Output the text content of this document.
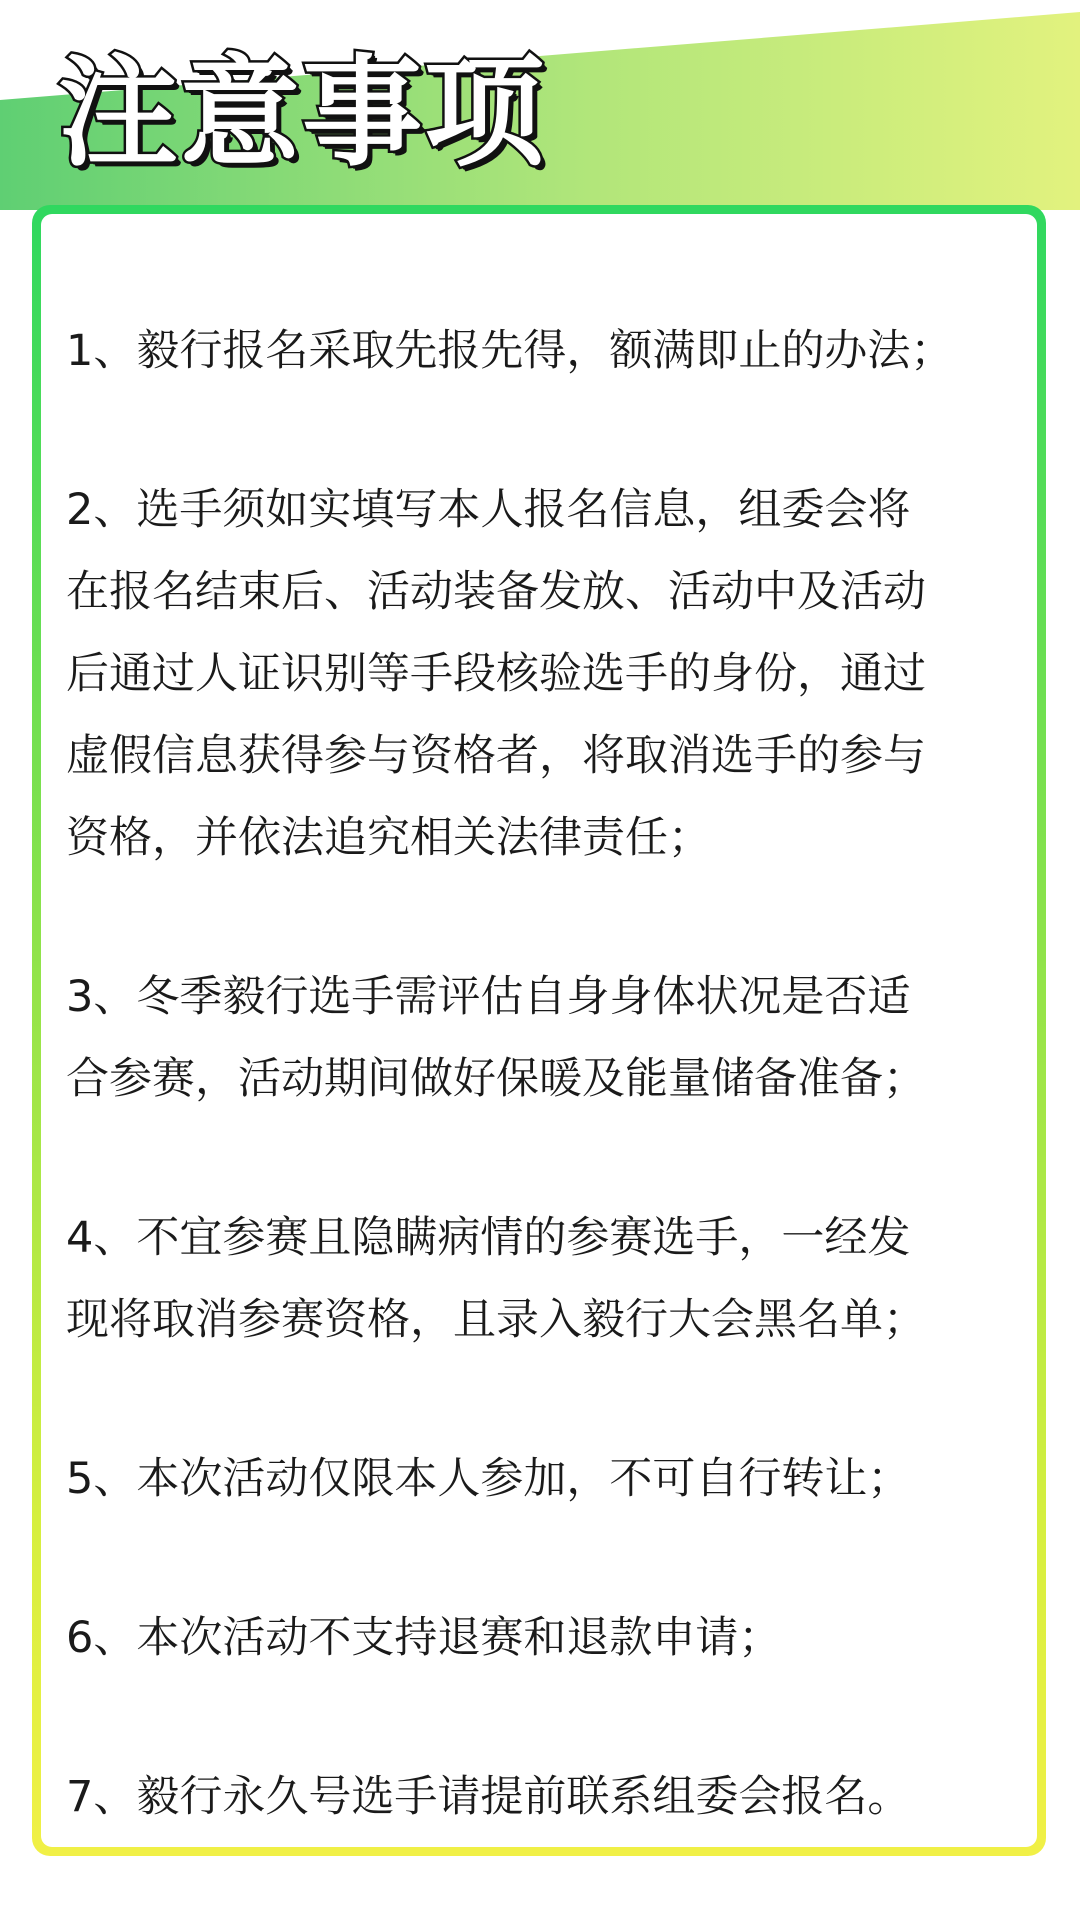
注意事项

1、毅行报名采取先报先得，额满即止的办法；

2、选手须如实填写本人报名信息，组委会将
在报名结束后、活动装备发放、活动中及活动
后通过人证识别等手段核验选手的身份，通过
虚假信息获得参与资格者，将取消选手的参与
资格，并依法追究相关法律责任；

3、冬季毅行选手需评估自身身体状况是否适
合参赛，活动期间做好保暖及能量储备准备；

4、不宜参赛且隐瞒病情的参赛选手，一经发
现将取消参赛资格，且录入毅行大会黑名单；

5、本次活动仅限本人参加，不可自行转让；

6、本次活动不支持退赛和退款申请；

7、毅行永久号选手请提前联系组委会报名。
